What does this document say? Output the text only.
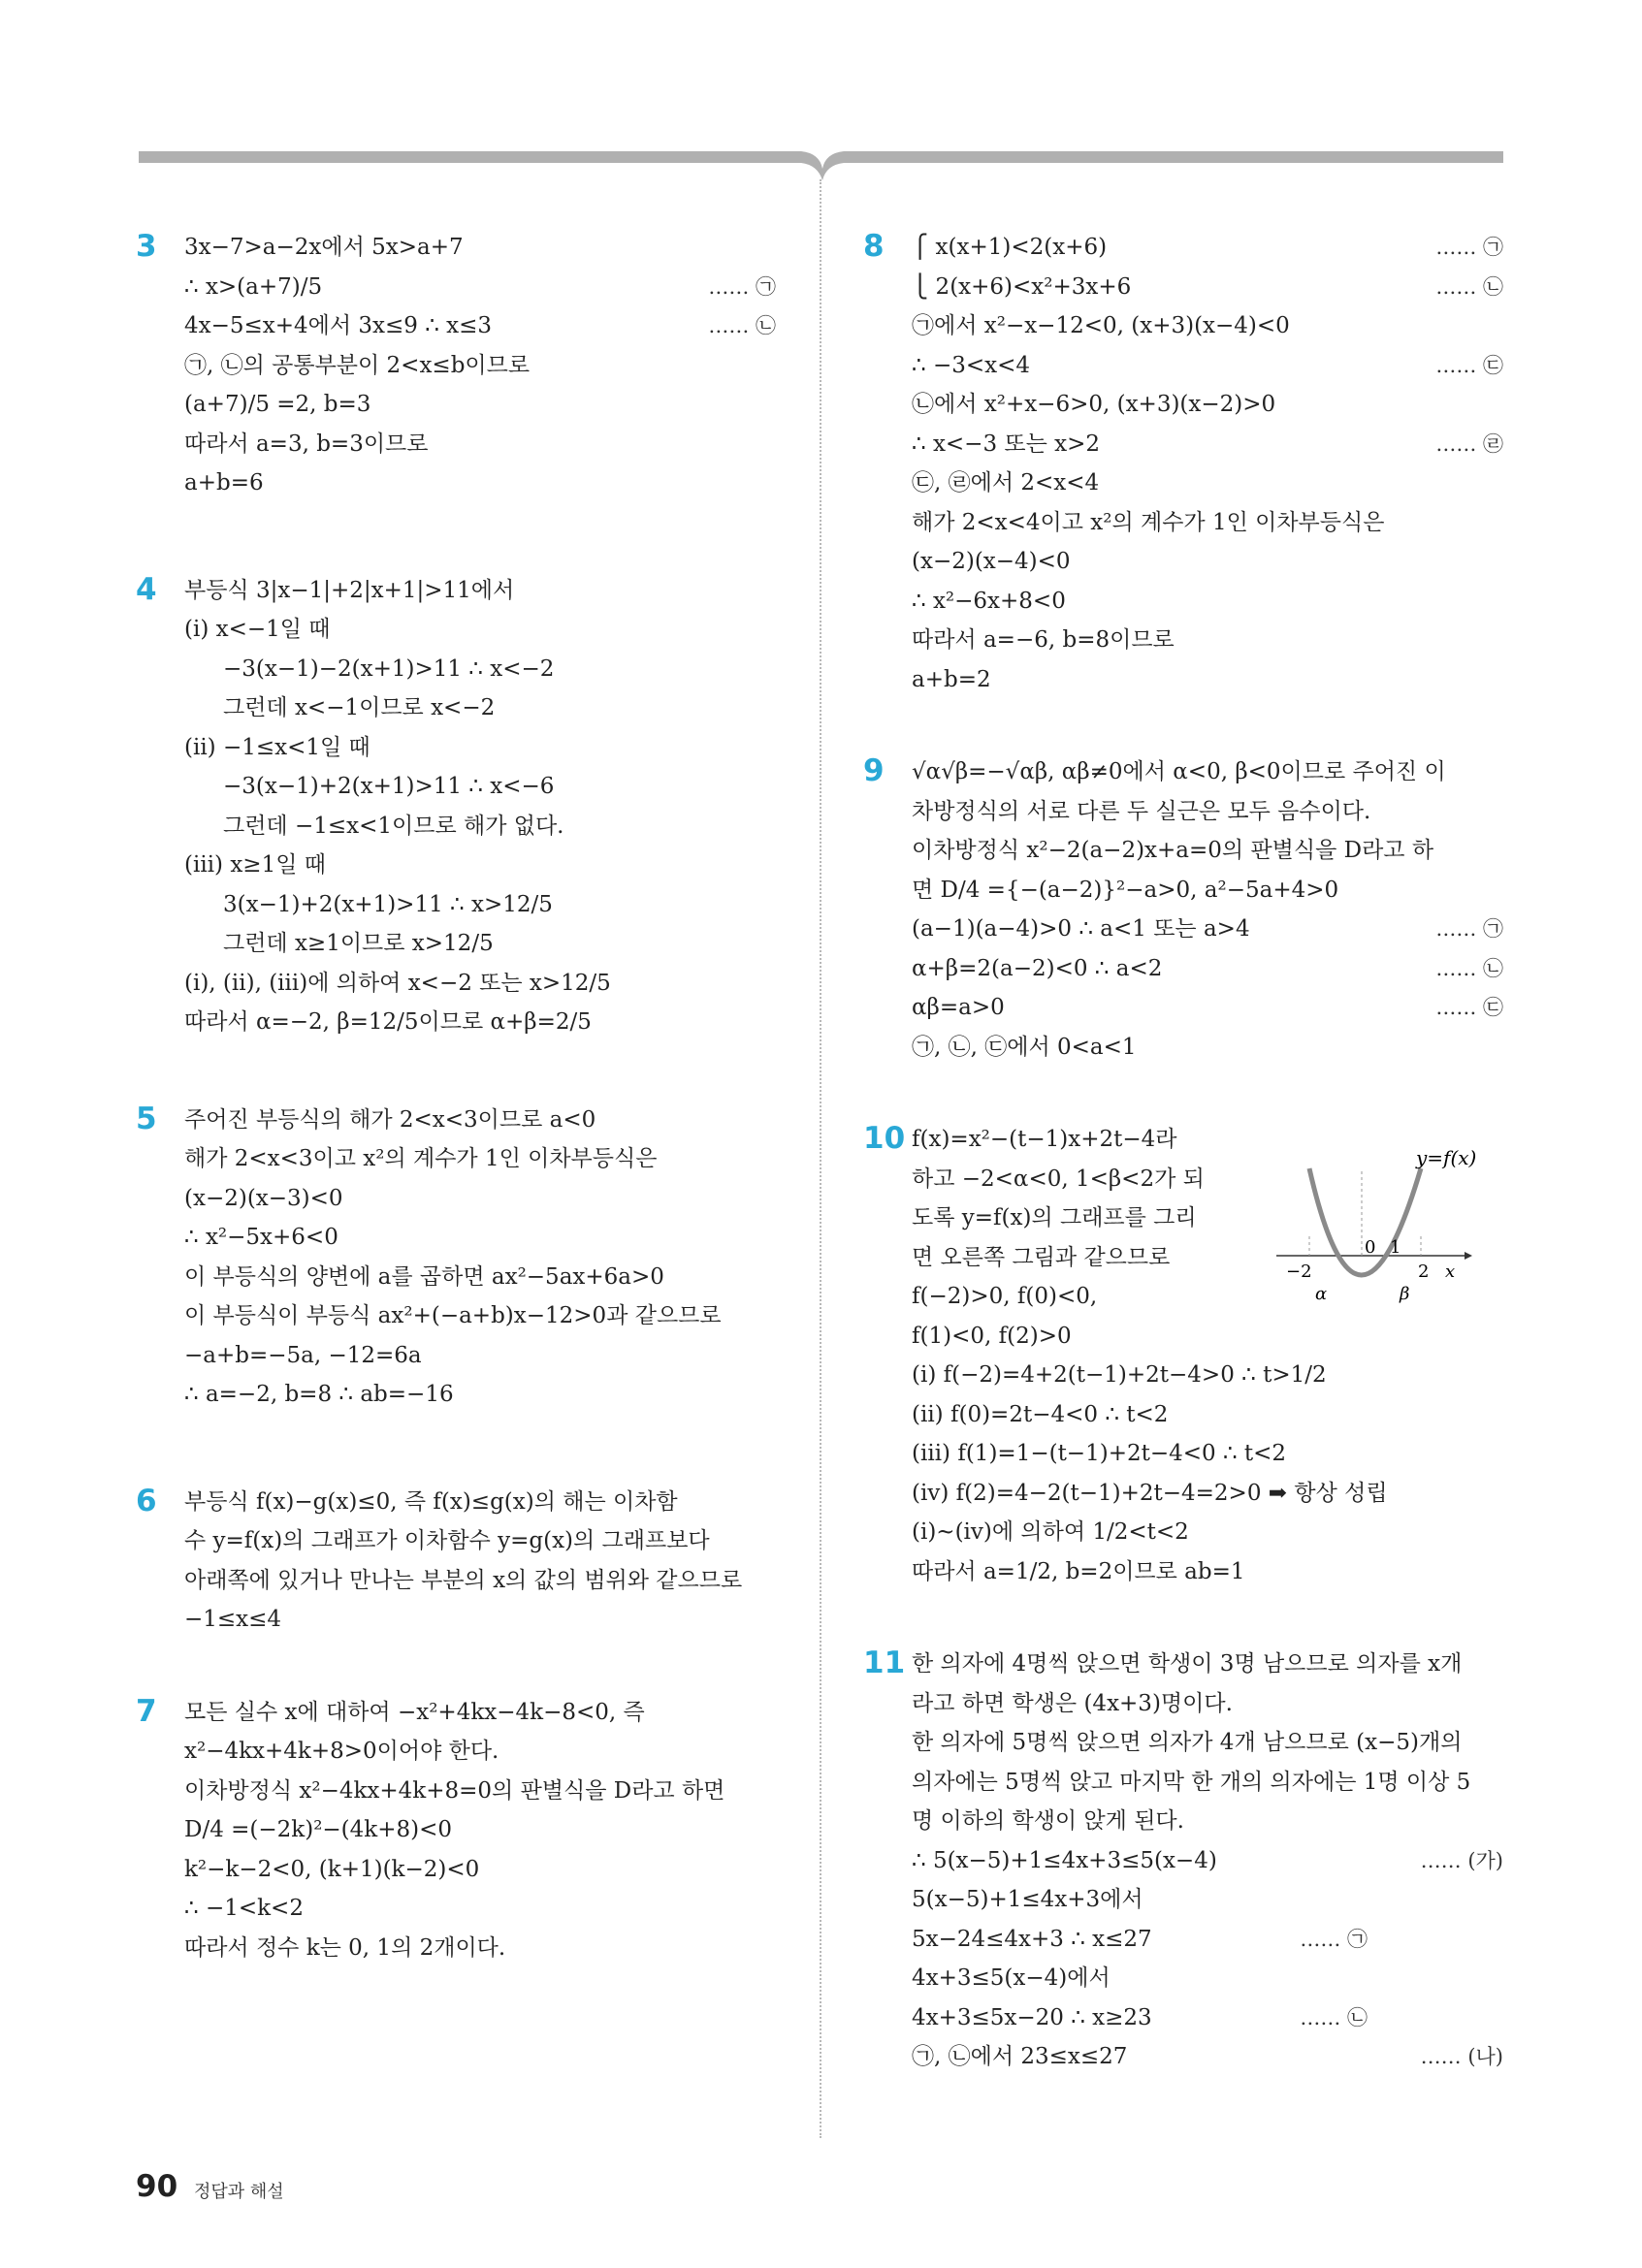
3 3x−7>a−2x에서 5x>a+7
∴ x>(a+7)/5	…… ㉠
4x−5≤x+4에서 3x≤9 ∴ x≤3	…… ㉡
㉠, ㉡의 공통부분이 2<x≤b이므로
(a+7)/5 =2, b=3
따라서 a=3, b=3이므로
a+b=6
4 부등식 3|x−1|+2|x+1|>11에서
(ⅰ) x<−1일 때
−3(x−1)−2(x+1)>11 ∴ x<−2
그런데 x<−1이므로 x<−2
(ⅱ) −1≤x<1일 때
−3(x−1)+2(x+1)>11 ∴ x<−6
그런데 −1≤x<1이므로 해가 없다.
(ⅲ) x≥1일 때
3(x−1)+2(x+1)>11 ∴ x>12/5
그런데 x≥1이므로 x>12/5
(ⅰ), (ⅱ), (ⅲ)에 의하여 x<−2 또는 x>12/5
따라서 α=−2, β=12/5이므로 α+β=2/5
5 주어진 부등식의 해가 2<x<3이므로 a<0
해가 2<x<3이고 x²의 계수가 1인 이차부등식은
(x−2)(x−3)<0
∴ x²−5x+6<0
이 부등식의 양변에 a를 곱하면 ax²−5ax+6a>0
이 부등식이 부등식 ax²+(−a+b)x−12>0과 같으므로
−a+b=−5a, −12=6a
∴ a=−2, b=8 ∴ ab=−16
6 부등식 f(x)−g(x)≤0, 즉 f(x)≤g(x)의 해는 이차함
수 y=f(x)의 그래프가 이차함수 y=g(x)의 그래프보다
아래쪽에 있거나 만나는 부분의 x의 값의 범위와 같으므로
−1≤x≤4
7 모든 실수 x에 대하여 −x²+4kx−4k−8<0, 즉
x²−4kx+4k+8>0이어야 한다.
이차방정식 x²−4kx+4k+8=0의 판별식을 D라고 하면
D/4 =(−2k)²−(4k+8)<0
k²−k−2<0, (k+1)(k−2)<0
∴ −1<k<2
따라서 정수 k는 0, 1의 2개이다.
8 ⎧ x(x+1)<2(x+6)	…… ㉠
⎩ 2(x+6)<x²+3x+6	…… ㉡
㉠에서 x²−x−12<0, (x+3)(x−4)<0
∴ −3<x<4	…… ㉢
㉡에서 x²+x−6>0, (x+3)(x−2)>0
∴ x<−3 또는 x>2	…… ㉣
㉢, ㉣에서 2<x<4
해가 2<x<4이고 x²의 계수가 1인 이차부등식은
(x−2)(x−4)<0
∴ x²−6x+8<0
따라서 a=−6, b=8이므로
a+b=2
9 √α√β=−√αβ, αβ≠0에서 α<0, β<0이므로 주어진 이
차방정식의 서로 다른 두 실근은 모두 음수이다.
이차방정식 x²−2(a−2)x+a=0의 판별식을 D라고 하
면 D/4 ={−(a−2)}²−a>0, a²−5a+4>0
(a−1)(a−4)>0 ∴ a<1 또는 a>4	…… ㉠
α+β=2(a−2)<0 ∴ a<2	…… ㉡
αβ=a>0	…… ㉢
㉠, ㉡, ㉢에서 0<a<1
10 f(x)=x²−(t−1)x+2t−4라
하고 −2<α<0, 1<β<2가 되
도록 y=f(x)의 그래프를 그리
면 오른쪽 그림과 같으므로
f(−2)>0, f(0)<0,
f(1)<0, f(2)>0
(ⅰ) f(−2)=4+2(t−1)+2t−4>0 ∴ t>1/2
(ⅱ) f(0)=2t−4<0 ∴ t<2
(ⅲ) f(1)=1−(t−1)+2t−4<0 ∴ t<2
(ⅳ) f(2)=4−2(t−1)+2t−4=2>0 ➡ 항상 성립
(ⅰ)~(ⅳ)에 의하여 1/2<t<2
따라서 a=1/2, b=2이므로 ab=1
11 한 의자에 4명씩 앉으면 학생이 3명 남으므로 의자를 x개
라고 하면 학생은 (4x+3)명이다.
한 의자에 5명씩 앉으면 의자가 4개 남으므로 (x−5)개의
의자에는 5명씩 앉고 마지막 한 개의 의자에는 1명 이상 5
명 이하의 학생이 앉게 된다.
∴ 5(x−5)+1≤4x+3≤5(x−4)	…… (가)
5(x−5)+1≤4x+3에서
5x−24≤4x+3 ∴ x≤27	…… ㉠
4x+3≤5(x−4)에서
4x+3≤5x−20 ∴ x≥23	…… ㉡
㉠, ㉡에서 23≤x≤27	…… (나)
y=f(x)
0 1
−2	2 x
α	β
90 정답과 해설
